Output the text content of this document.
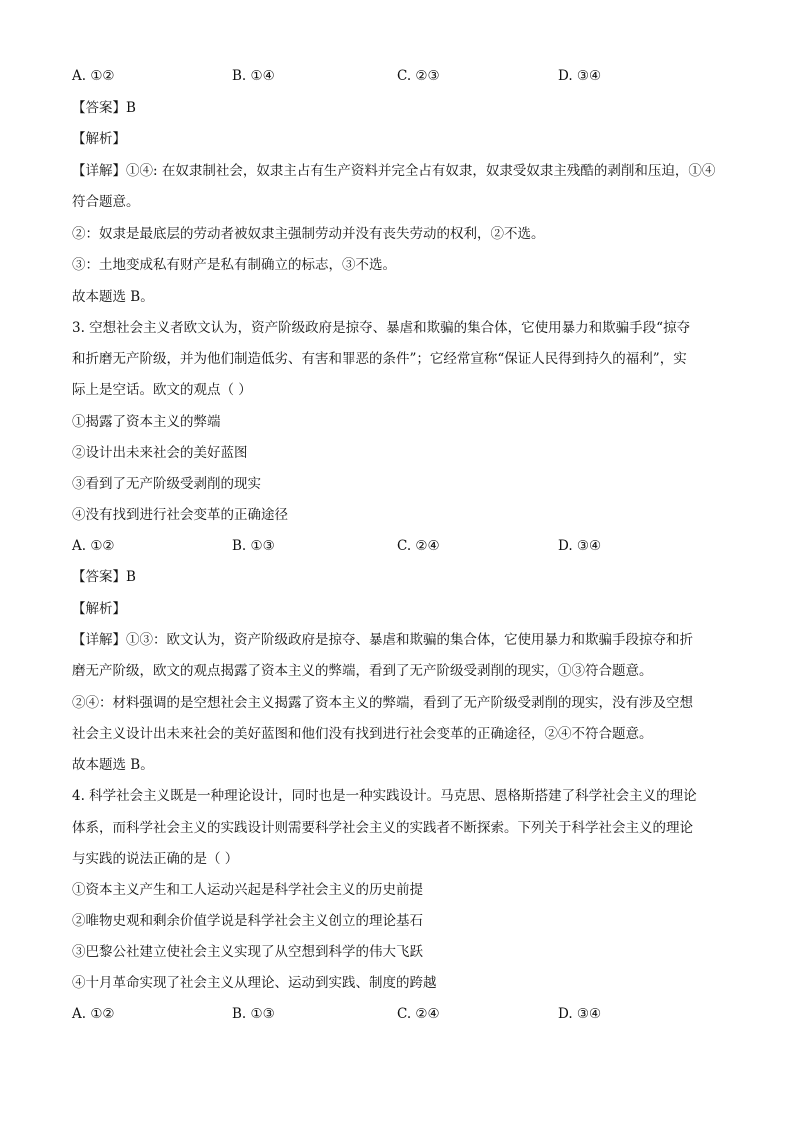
A. ①②	B. ①④	C. ②③	D. ③④
【答案】B
【解析】
【详解】①④: 在奴隶制社会，奴隶主占有生产资料并完全占有奴隶，奴隶受奴隶主残酷的剥削和压迫，①④
符合题意。
②：奴隶是最底层的劳动者被奴隶主强制劳动并没有丧失劳动的权利，②不选。
③：土地变成私有财产是私有制确立的标志，③不选。
故本题选 B。
3. 空想社会主义者欧文认为，资产阶级政府是掠夺、暴虐和欺骗的集合体，它使用暴力和欺骗手段“掠夺
和折磨无产阶级，并为他们制造低劣、有害和罪恶的条件”；它经常宣称“保证人民得到持久的福利”，实
际上是空话。欧文的观点（ ）
①揭露了资本主义的弊端
②设计出未来社会的美好蓝图
③看到了无产阶级受剥削的现实
④没有找到进行社会变革的正确途径
A. ①②	B. ①③	C. ②④	D. ③④
【答案】B
【解析】
【详解】①③：欧文认为，资产阶级政府是掠夺、暴虐和欺骗的集合体，它使用暴力和欺骗手段掠夺和折
磨无产阶级，欧文的观点揭露了资本主义的弊端，看到了无产阶级受剥削的现实，①③符合题意。
②④：材料强调的是空想社会主义揭露了资本主义的弊端，看到了无产阶级受剥削的现实，没有涉及空想
社会主义设计出未来社会的美好蓝图和他们没有找到进行社会变革的正确途径，②④不符合题意。
故本题选 B。
4. 科学社会主义既是一种理论设计，同时也是一种实践设计。马克思、恩格斯搭建了科学社会主义的理论
体系，而科学社会主义的实践设计则需要科学社会主义的实践者不断探索。下列关于科学社会主义的理论
与实践的说法正确的是（ ）
①资本主义产生和工人运动兴起是科学社会主义的历史前提
②唯物史观和剩余价值学说是科学社会主义创立的理论基石
③巴黎公社建立使社会主义实现了从空想到科学的伟大飞跃
④十月革命实现了社会主义从理论、运动到实践、制度的跨越
A. ①②	B. ①③	C. ②④	D. ③④
